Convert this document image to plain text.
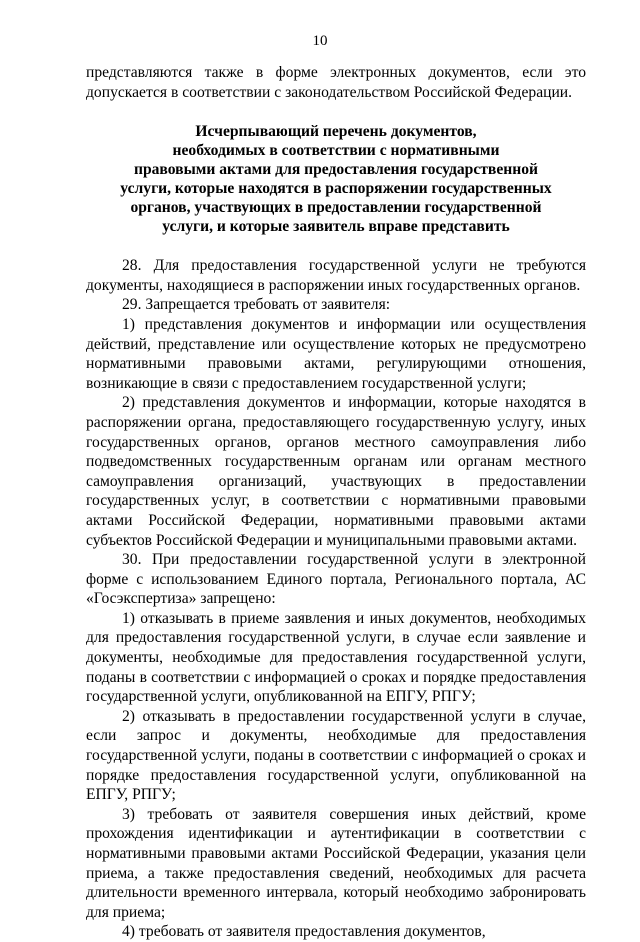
10

представляются также в форме электронных документов, если это допускается в соответствии с законодательством Российской Федерации.

Исчерпывающий перечень документов,
необходимых в соответствии с нормативными
правовыми актами для предоставления государственной
услуги, которые находятся в распоряжении государственных
органов, участвующих в предоставлении государственной
услуги, и которые заявитель вправе представить

28. Для предоставления государственной услуги не требуются документы, находящиеся в распоряжении иных государственных органов.

29. Запрещается требовать от заявителя:

1) представления документов и информации или осуществления действий, представление или осуществление которых не предусмотрено нормативными правовыми актами, регулирующими отношения, возникающие в связи с предоставлением государственной услуги;

2) представления документов и информации, которые находятся в распоряжении органа, предоставляющего государственную услугу, иных государственных органов, органов местного самоуправления либо подведомственных государственным органам или органам местного самоуправления организаций, участвующих в предоставлении государственных услуг, в соответствии с нормативными правовыми актами Российской Федерации, нормативными правовыми актами субъектов Российской Федерации и муниципальными правовыми актами.

30. При предоставлении государственной услуги в электронной форме с использованием Единого портала, Регионального портала, АС «Госэкспертиза» запрещено:

1) отказывать в приеме заявления и иных документов, необходимых для предоставления государственной услуги, в случае если заявление и документы, необходимые для предоставления государственной услуги, поданы в соответствии с информацией о сроках и порядке предоставления государственной услуги, опубликованной на ЕПГУ, РПГУ;

2) отказывать в предоставлении государственной услуги в случае, если запрос и документы, необходимые для предоставления государственной услуги, поданы в соответствии с информацией о сроках и порядке предоставления государственной услуги, опубликованной на ЕПГУ, РПГУ;

3) требовать от заявителя совершения иных действий, кроме прохождения идентификации и аутентификации в соответствии с нормативными правовыми актами Российской Федерации, указания цели приема, а также предоставления сведений, необходимых для расчета длительности временного интервала, который необходимо забронировать для приема;

4) требовать от заявителя предоставления документов,
